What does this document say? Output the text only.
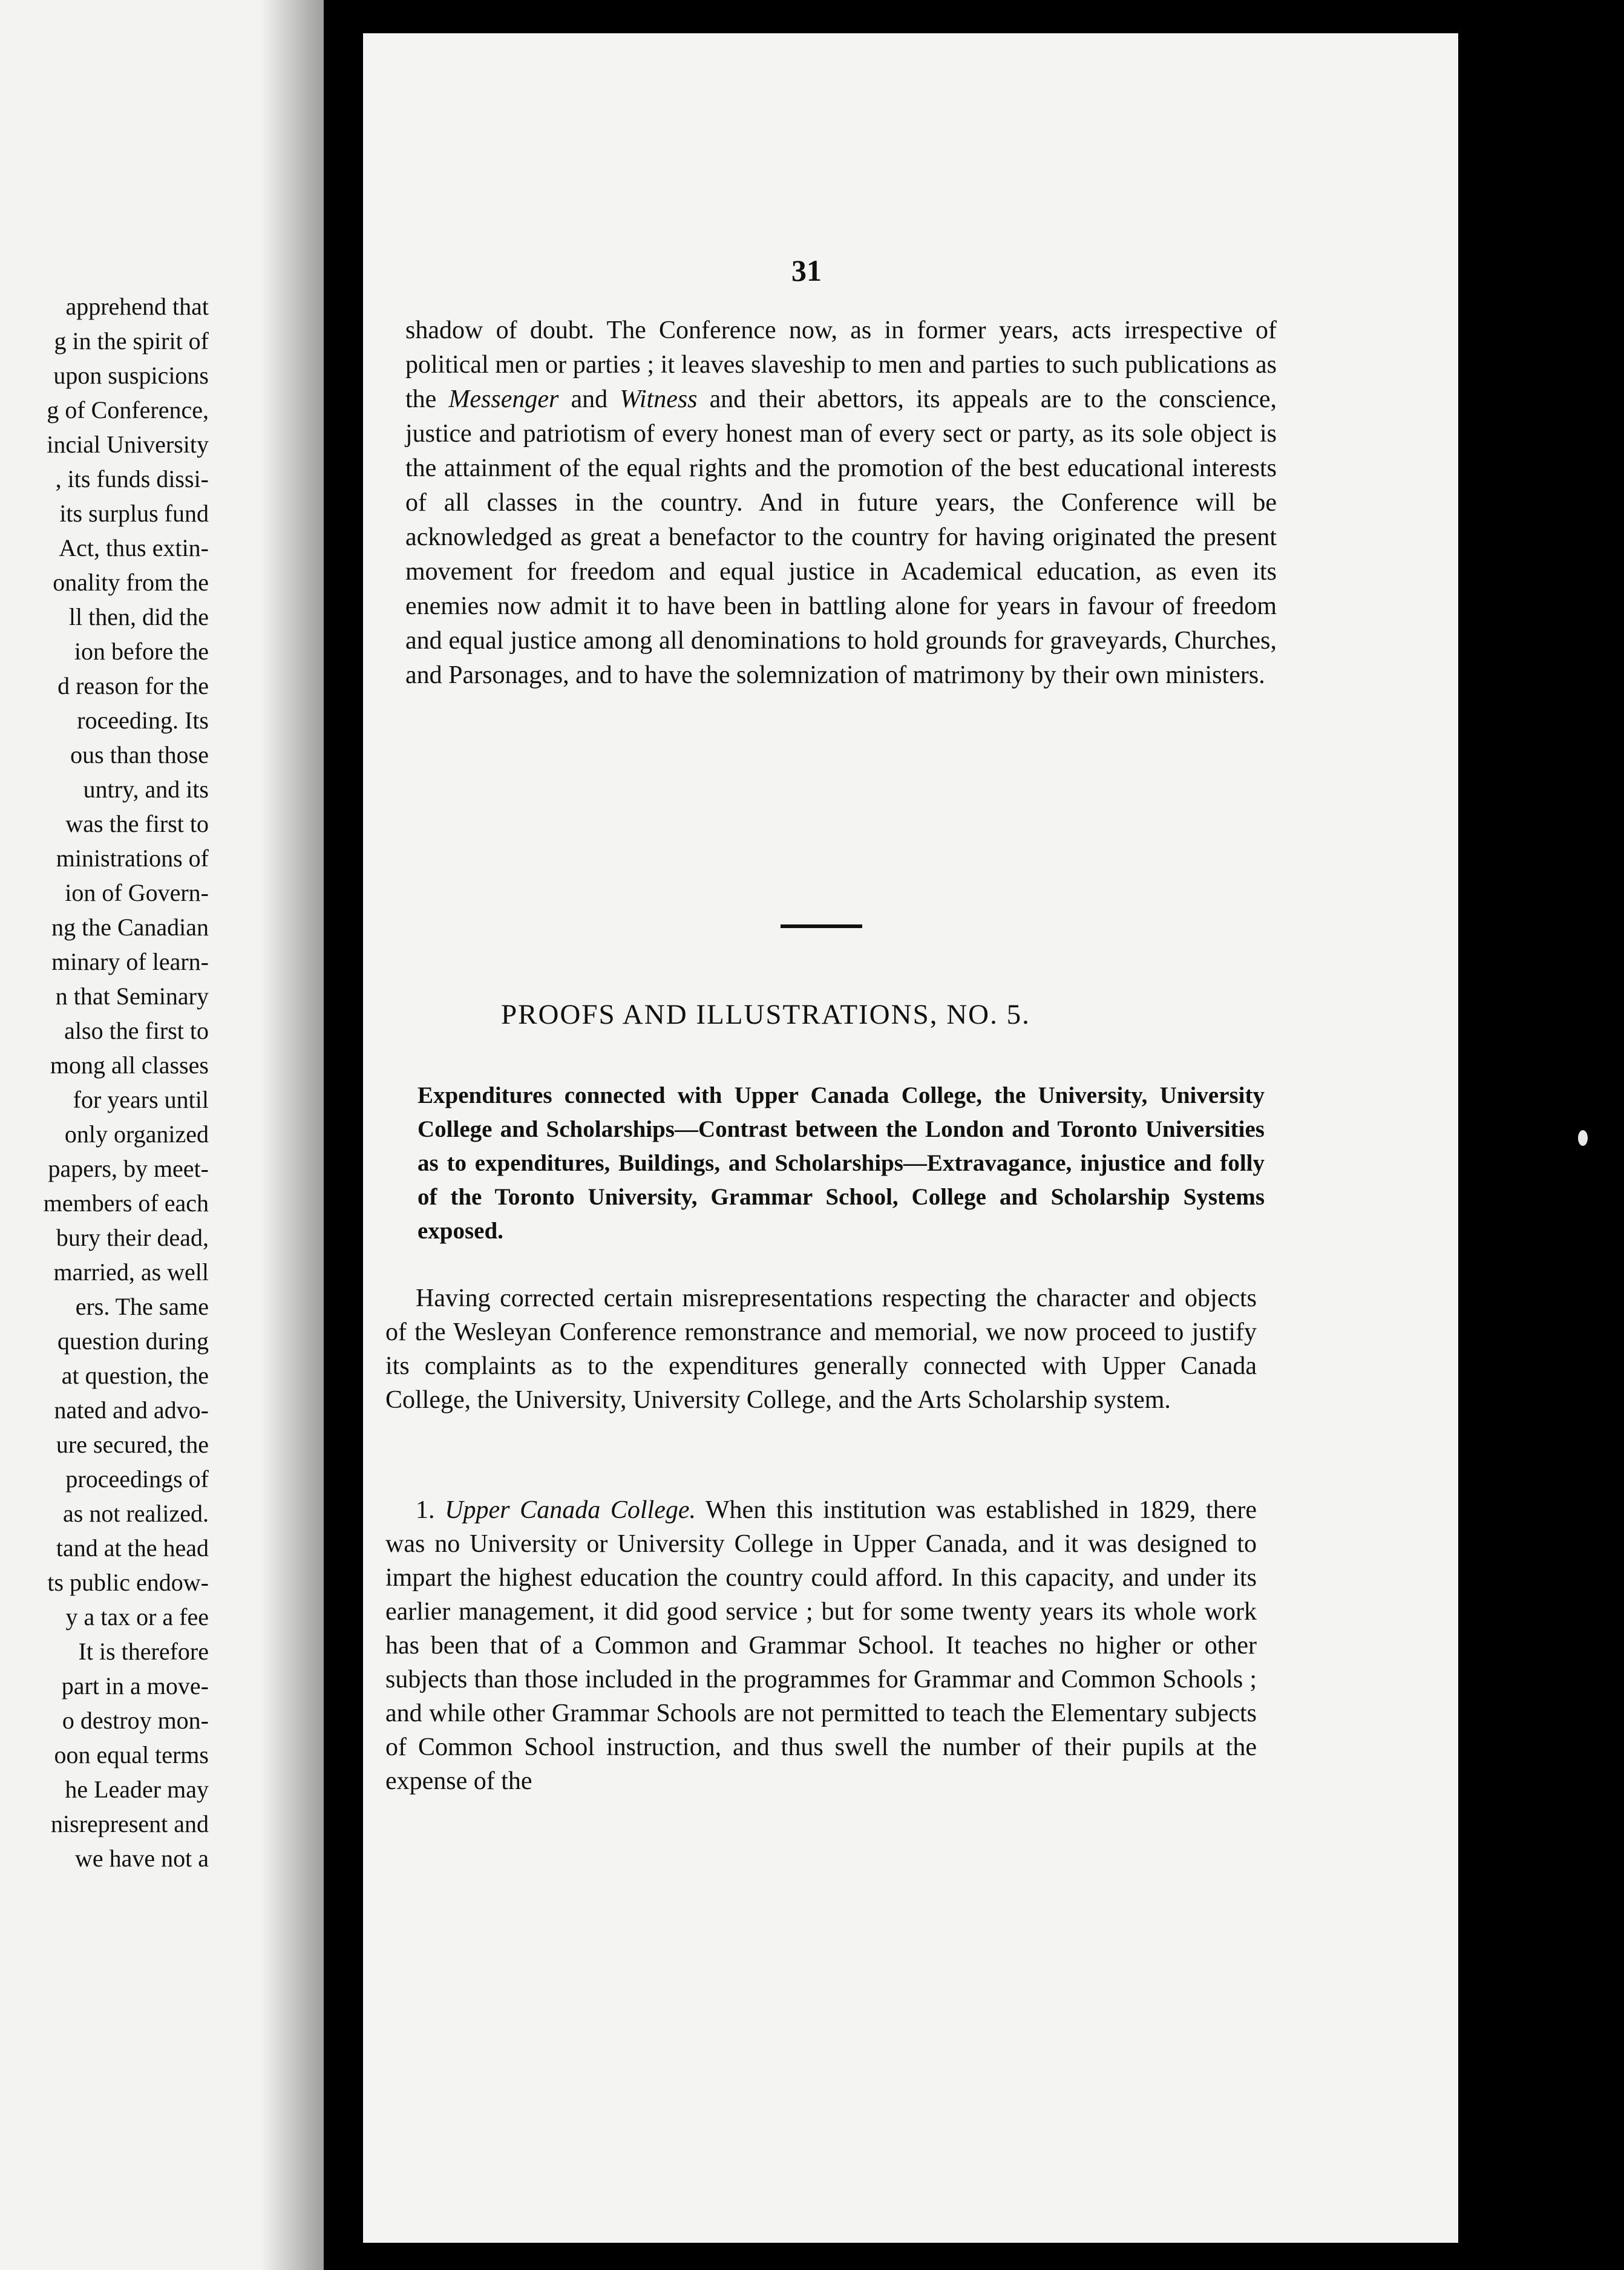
apprehend that
g in the spirit of
upon suspicions
g of Conference,
incial University
, its funds dissi-
its surplus fund
Act, thus extin-
onality from the
ll then, did the
ion before the
d reason for the
roceeding. Its
ous than those
untry, and its
was the first to
ministrations of
ion of Govern-
ng the Canadian
minary of learn-
n that Seminary
also the first to
mong all classes
for years until
only organized
papers, by meet-
members of each
bury their dead,
married, as well
ers. The same
question during
at question, the
nated and advo-
ure secured, the
proceedings of
as not realized.
tand at the head
ts public endow-
y a tax or a fee
It is therefore
part in a move-
o destroy mon-
oon equal terms
he Leader may
nisrepresent and
we have not a
31
shadow of doubt. The Conference now, as in former years, acts irrespective of political men or parties ; it leaves slaveship to men and parties to such publications as the Messenger and Witness and their abettors, its appeals are to the conscience, justice and patriotism of every honest man of every sect or party, as its sole object is the attainment of the equal rights and the promotion of the best educational interests of all classes in the country. And in future years, the Conference will be acknowledged as great a benefactor to the country for having originated the present movement for freedom and equal justice in Academical education, as even its enemies now admit it to have been in battling alone for years in favour of freedom and equal justice among all denominations to hold grounds for graveyards, Churches, and Parsonages, and to have the solemnization of matrimony by their own ministers.
PROOFS AND ILLUSTRATIONS, NO. 5.
Expenditures connected with Upper Canada College, the University, University College and Scholarships—Contrast between the London and Toronto Universities as to expenditures, Buildings, and Scholarships—Extravagance, injustice and folly of the Toronto University, Grammar School, College and Scholarship Systems exposed.
Having corrected certain misrepresentations respecting the character and objects of the Wesleyan Conference remonstrance and memorial, we now proceed to justify its complaints as to the expenditures generally connected with Upper Canada College, the University, University College, and the Arts Scholarship system.
1. Upper Canada College. When this institution was established in 1829, there was no University or University College in Upper Canada, and it was designed to impart the highest education the country could afford. In this capacity, and under its earlier management, it did good service ; but for some twenty years its whole work has been that of a Common and Grammar School. It teaches no higher or other subjects than those included in the programmes for Grammar and Common Schools ; and while other Grammar Schools are not permitted to teach the Elementary subjects of Common School instruction, and thus swell the number of their pupils at the expense of the
